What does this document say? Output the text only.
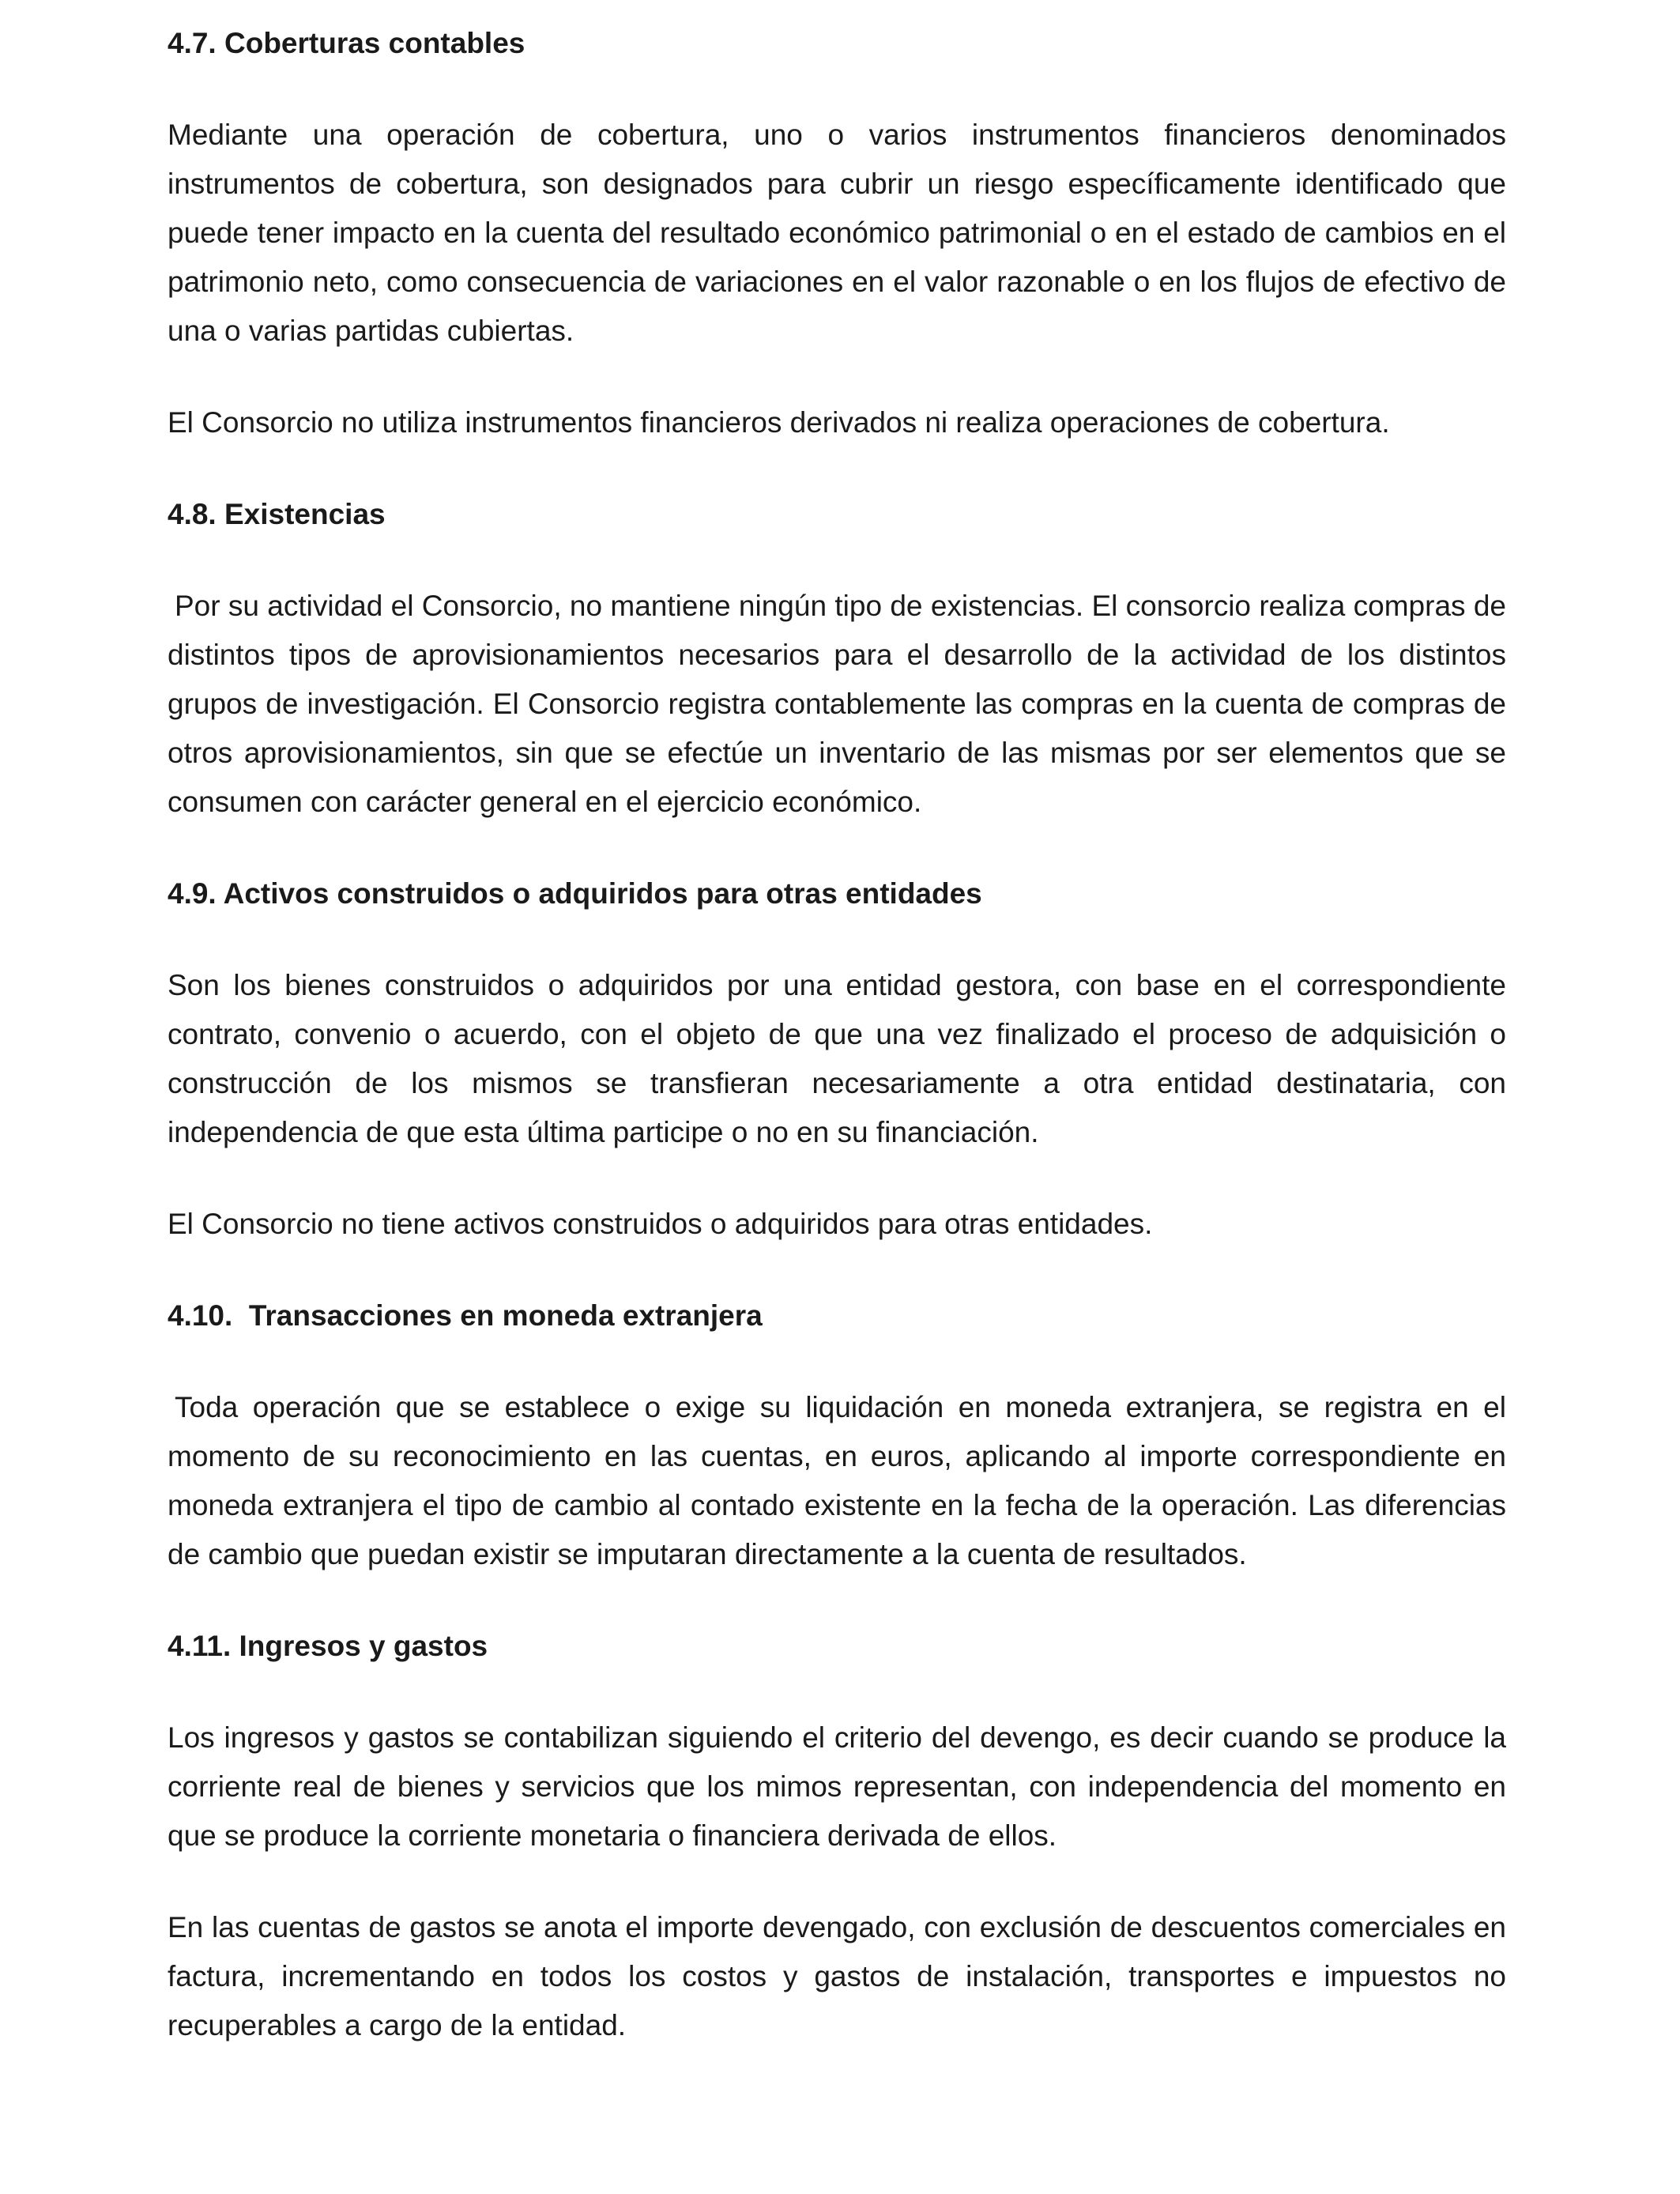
4.7. Coberturas contables

Mediante una operación de cobertura, uno o varios instrumentos financieros denominados instrumentos de cobertura, son designados para cubrir un riesgo específicamente identificado que puede tener impacto en la cuenta del resultado económico patrimonial o en el estado de cambios en el patrimonio neto, como consecuencia de variaciones en el valor razonable o en los flujos de efectivo de una o varias partidas cubiertas.

El Consorcio no utiliza instrumentos financieros derivados ni realiza operaciones de cobertura.

4.8. Existencias

Por su actividad el Consorcio, no mantiene ningún tipo de existencias. El consorcio realiza compras de distintos tipos de aprovisionamientos necesarios para el desarrollo de la actividad de los distintos grupos de investigación. El Consorcio registra contablemente las compras en la cuenta de compras de otros aprovisionamientos, sin que se efectúe un inventario de las mismas por ser elementos que se consumen con carácter general en el ejercicio económico.

4.9. Activos construidos o adquiridos para otras entidades

Son los bienes construidos o adquiridos por una entidad gestora, con base en el correspondiente contrato, convenio o acuerdo, con el objeto de que una vez finalizado el proceso de adquisición o construcción de los mismos se transfieran necesariamente a otra entidad destinataria, con independencia de que esta última participe o no en su financiación.

El Consorcio no tiene activos construidos o adquiridos para otras entidades.

4.10.  Transacciones en moneda extranjera

Toda operación que se establece o exige su liquidación en moneda extranjera, se registra en el momento de su reconocimiento en las cuentas, en euros, aplicando al importe correspondiente en moneda extranjera el tipo de cambio al contado existente en la fecha de la operación. Las diferencias de cambio que puedan existir se imputaran directamente a la cuenta de resultados.

4.11. Ingresos y gastos

Los ingresos y gastos se contabilizan siguiendo el criterio del devengo, es decir cuando se produce la corriente real de bienes y servicios que los mimos representan, con independencia del momento en que se produce la corriente monetaria o financiera derivada de ellos.

En las cuentas de gastos se anota el importe devengado, con exclusión de descuentos comerciales en factura, incrementando en todos los costos y gastos de instalación, transportes e impuestos no recuperables a cargo de la entidad.
